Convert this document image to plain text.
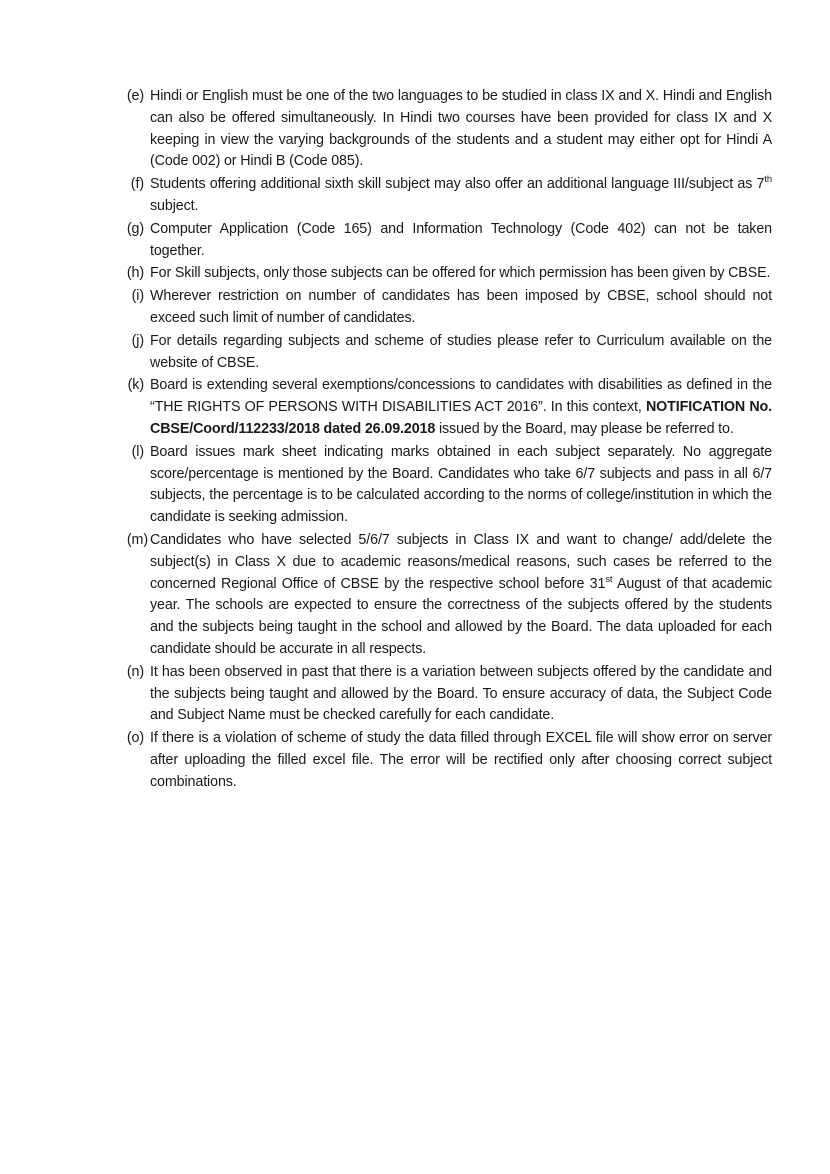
(e) Hindi or English must be one of the two languages to be studied in class IX and X. Hindi and English can also be offered simultaneously. In Hindi two courses have been provided for class IX and X keeping in view the varying backgrounds of the students and a student may either opt for Hindi A (Code 002) or Hindi B (Code 085).
(f) Students offering additional sixth skill subject may also offer an additional language III/subject as 7th subject.
(g) Computer Application (Code 165) and Information Technology (Code 402) can not be taken together.
(h) For Skill subjects, only those subjects can be offered for which permission has been given by CBSE.
(i) Wherever restriction on number of candidates has been imposed by CBSE, school should not exceed such limit of number of candidates.
(j) For details regarding subjects and scheme of studies please refer to Curriculum available on the website of CBSE.
(k) Board is extending several exemptions/concessions to candidates with disabilities as defined in the “THE RIGHTS OF PERSONS WITH DISABILITIES ACT 2016”. In this context, NOTIFICATION No. CBSE/Coord/112233/2018 dated 26.09.2018 issued by the Board, may please be referred to.
(l) Board issues mark sheet indicating marks obtained in each subject separately. No aggregate score/percentage is mentioned by the Board. Candidates who take 6/7 subjects and pass in all 6/7 subjects, the percentage is to be calculated according to the norms of college/institution in which the candidate is seeking admission.
(m) Candidates who have selected 5/6/7 subjects in Class IX and want to change/ add/delete the subject(s) in Class X due to academic reasons/medical reasons, such cases be referred to the concerned Regional Office of CBSE by the respective school before 31st August of that academic year. The schools are expected to ensure the correctness of the subjects offered by the students and the subjects being taught in the school and allowed by the Board. The data uploaded for each candidate should be accurate in all respects.
(n) It has been observed in past that there is a variation between subjects offered by the candidate and the subjects being taught and allowed by the Board. To ensure accuracy of data, the Subject Code and Subject Name must be checked carefully for each candidate.
(o) If there is a violation of scheme of study the data filled through EXCEL file will show error on server after uploading the filled excel file. The error will be rectified only after choosing correct subject combinations.
